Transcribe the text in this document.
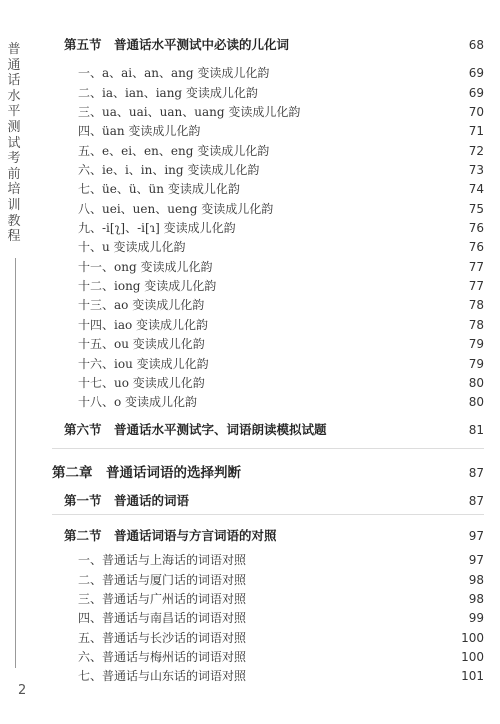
普通话水平测试考前培训教程
2
第五节　普通话水平测试中必读的儿化词	68
一、a、ai、an、ang 变读成儿化韵	69
二、ia、ian、iang 变读成儿化韵	69
三、ua、uai、uan、uang 变读成儿化韵	70
四、üan 变读成儿化韵	71
五、e、ei、en、eng 变读成儿化韵	72
六、ie、i、in、ing 变读成儿化韵	73
七、üe、ü、ün 变读成儿化韵	74
八、uei、uen、ueng 变读成儿化韵	75
九、-i[ʅ]、-i[ɿ] 变读成儿化韵	76
十、u 变读成儿化韵	76
十一、ong 变读成儿化韵	77
十二、iong 变读成儿化韵	77
十三、ao 变读成儿化韵	78
十四、iao 变读成儿化韵	78
十五、ou 变读成儿化韵	79
十六、iou 变读成儿化韵	79
十七、uo 变读成儿化韵	80
十八、o 变读成儿化韵	80
第六节　普通话水平测试字、词语朗读模拟试题	81
第二章　普通话词语的选择判断	87
第一节　普通话的词语	87
第二节　普通话词语与方言词语的对照	97
一、普通话与上海话的词语对照	97
二、普通话与厦门话的词语对照	98
三、普通话与广州话的词语对照	98
四、普通话与南昌话的词语对照	99
五、普通话与长沙话的词语对照	100
六、普通话与梅州话的词语对照	100
七、普通话与山东话的词语对照	101
